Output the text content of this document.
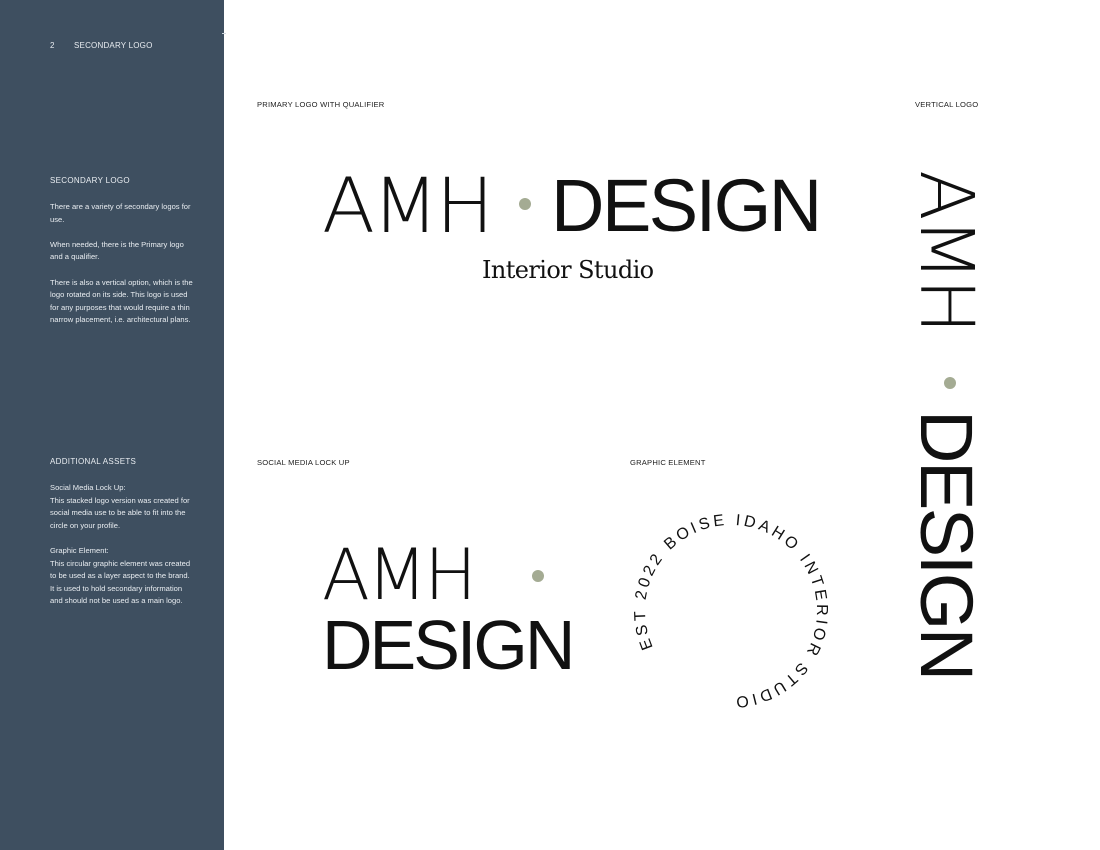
2 SECONDARY LOGO
SECONDARY LOGO

There are a variety of secondary logos for use.

When needed, there is the Primary logo and a qualifier.

There is also a vertical option, which is the logo rotated on its side. This logo is used for any purposes that would require a thin narrow placement, i.e. architectural plans.

ADDITIONAL ASSETS

Social Media Lock Up:
This stacked logo version was created for social media use to be able to fit into the circle on your profile.

Graphic Element:
This circular graphic element was created to be used as a layer aspect to the brand. It is used to hold secondary information and should not be used as a main logo.

PRIMARY LOGO WITH QUALIFIER	VERTICAL LOGO
SOCIAL MEDIA LOCK UP	GRAPHIC ELEMENT
AMH DESIGN
Interior Studio
AMH
DESIGN	EST 2022 BOISE IDAHO INTERIOR STUDIO
AMH
DESIGN
